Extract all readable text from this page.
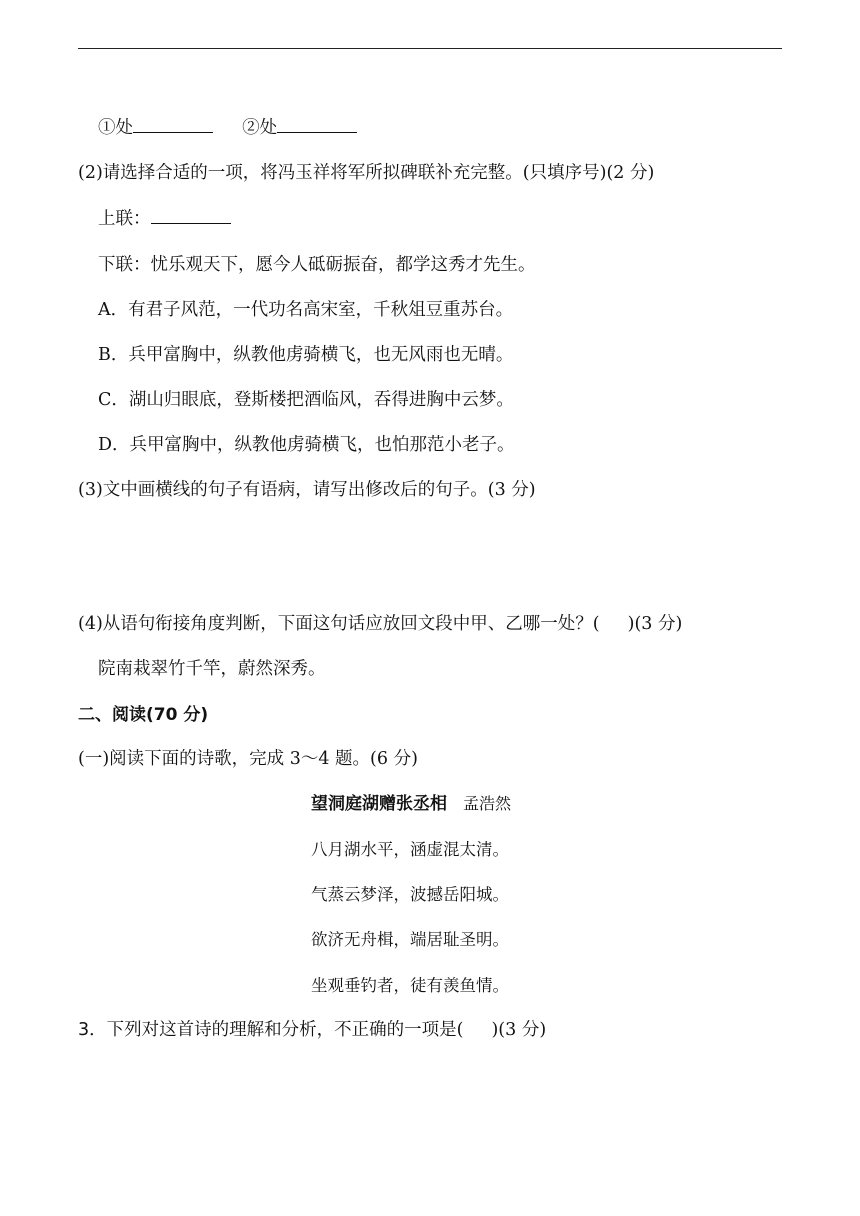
①处	②处
(2)请选择合适的一项，将冯玉祥将军所拟碑联补充完整。(只填序号)(2 分)
上联：
下联：忧乐观天下，愿今人砥砺振奋，都学这秀才先生。
A．有君子风范，一代功名高宋室，千秋俎豆重苏台。
B．兵甲富胸中，纵教他虏骑横飞，也无风雨也无晴。
C．湖山归眼底，登斯楼把酒临风，吞得进胸中云梦。
D．兵甲富胸中，纵教他虏骑横飞，也怕那范小老子。
(3)文中画横线的句子有语病，请写出修改后的句子。(3 分)
(4)从语句衔接角度判断，下面这句话应放回文段中甲、乙哪一处？( )(3 分)
院南栽翠竹千竿，蔚然深秀。
二、阅读(70 分)
(一)阅读下面的诗歌，完成 3～4 题。(6 分)
望洞庭湖赠张丞相 孟浩然
八月湖水平，涵虚混太清。
气蒸云梦泽，波撼岳阳城。
欲济无舟楫，端居耻圣明。
坐观垂钓者，徒有羡鱼情。
3．下列对这首诗的理解和分析，不正确的一项是( )(3 分)
